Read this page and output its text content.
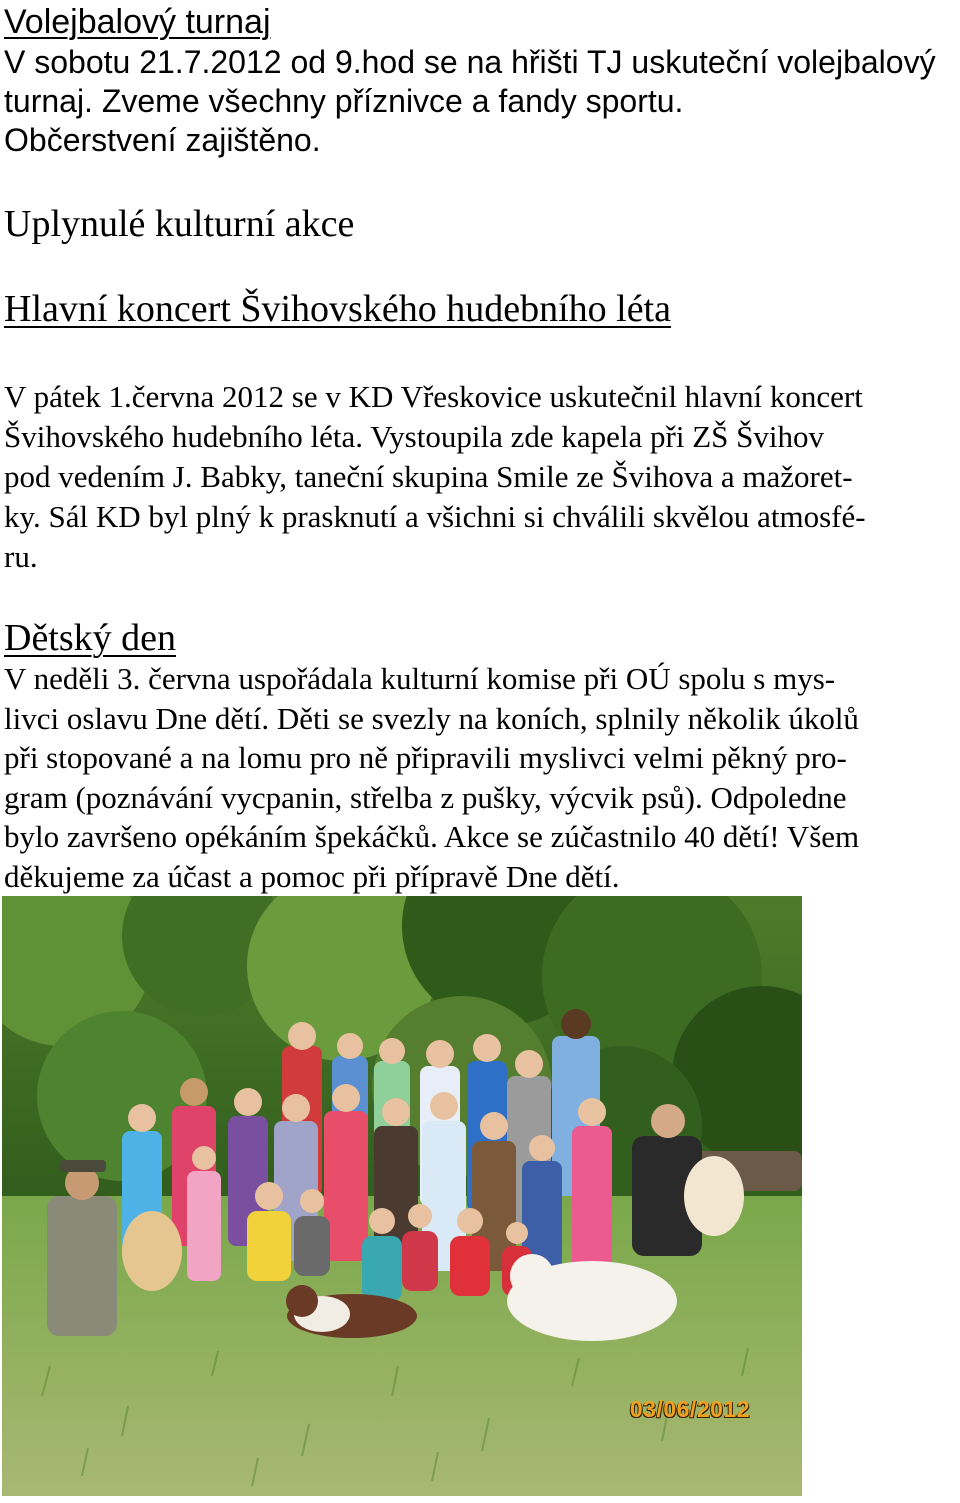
Volejbalový turnaj

V sobotu 21.7.2012 od 9.hod se na hřišti TJ uskuteční volejbalový
turnaj. Zveme všechny příznivce a fandy sportu.
Občerstvení zajištěno.

Uplynulé kulturní akce
Hlavní koncert Švihovského hudebního léta

V pátek 1.června 2012 se v KD Vřeskovice uskutečnil hlavní koncert
Švihovského hudebního léta. Vystoupila zde kapela při ZŠ Švihov
pod vedením J. Babky, taneční skupina Smile ze Švihova a mažoret-
ky. Sál KD byl plný k prasknutí a všichni si chválili skvělou atmosfé-
ru.

Dětský den

V neděli 3. června uspořádala kulturní komise při OÚ spolu s mys-
livci oslavu Dne dětí. Děti se svezly na koních, splnily několik úkolů
při stopované a na lomu pro ně připravili myslivci velmi pěkný pro-
gram (poznávání vycpanin, střelba z pušky, výcvik psů). Odpoledne
bylo završeno opékáním špekáčků. Akce se zúčastnilo 40 dětí! Všem
děkujeme za účast a pomoc při přípravě Dne dětí.

03/06/2012
